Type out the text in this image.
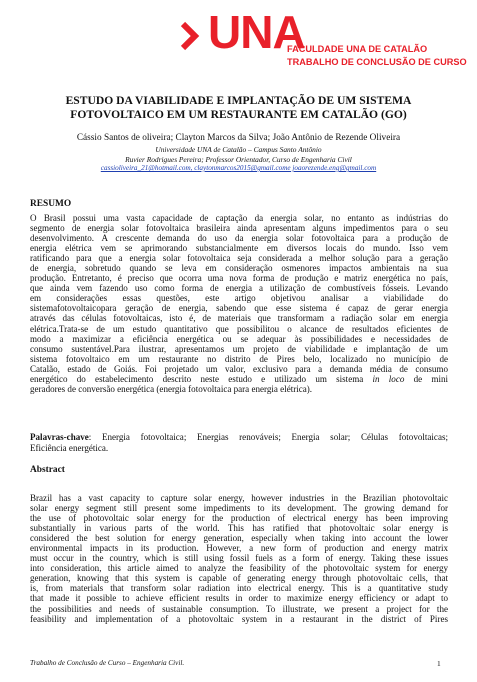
UNA
FACULDADE UNA DE CATALÃO
TRABALHO DE CONCLUSÃO DE CURSO
ESTUDO DA VIABILIDADE E IMPLANTAÇÃO DE UM SISTEMA
FOTOVOLTAICO EM UM RESTAURANTE EM CATALÃO (GO)
Cássio Santos de oliveira; Clayton Marcos da Silva; João Antônio de Rezende Oliveira
Universidade UNA de Catalão – Campus Santo Antônio
Ruvier Rodrigues Pereira; Professor Orientador, Curso de Engenharia Civil
cassioliveira_21@hotmail.com, claytonmarcos2015@gmail.come joaorezende.eng@gmail.com
RESUMO
O Brasil possui uma vasta capacidade de captação da energia solar, no entanto as indústrias do
segmento de energia solar fotovoltaica brasileira ainda apresentam alguns impedimentos para o seu
desenvolvimento. A crescente demanda do uso da energia solar fotovoltaica para a produção de
energia elétrica vem se aprimorando substancialmente em diversos locais do mundo. Isso vem
ratificando para que a energia solar fotovoltaica seja considerada a melhor solução para a geração
de energia, sobretudo quando se leva em consideração osmenores impactos ambientais na sua
produção. Entretanto, é preciso que ocorra uma nova forma de produção e matriz energética no país,
que ainda vem fazendo uso como forma de energia a utilização de combustíveis fósseis. Levando
em considerações essas questões, este artigo objetivou analisar a viabilidade do
sistemafotovoltaicopara geração de energia, sabendo que esse sistema é capaz de gerar energia
através das células fotovoltaicas, isto é, de materiais que transformam a radiação solar em energia
elétrica.Trata-se de um estudo quantitativo que possibilitou o alcance de resultados eficientes de
modo a maximizar a eficiência energética ou se adequar às possibilidades e necessidades de
consumo sustentável.Para ilustrar, apresentamos um projeto de viabilidade e implantação de um
sistema fotovoltaico em um restaurante no distrito de Pires belo, localizado no município de
Catalão, estado de Goiás. Foi projetado um valor, exclusivo para a demanda média de consumo
energético do estabelecimento descrito neste estudo e utilizado um sistema in loco de mini
geradores de conversão energética (energia fotovoltaica para energia elétrica).
Palavras-chave: Energia fotovoltaica; Energias renováveis; Energia solar; Células fotovoltaicas;
Eficiência energética.
Abstract
Brazil has a vast capacity to capture solar energy, however industries in the Brazilian photovoltaic
solar energy segment still present some impediments to its development. The growing demand for
the use of photovoltaic solar energy for the production of electrical energy has been improving
substantially in various parts of the world. This has ratified that photovoltaic solar energy is
considered the best solution for energy generation, especially when taking into account the lower
environmental impacts in its production. However, a new form of production and energy matrix
must occur in the country, which is still using fossil fuels as a form of energy. Taking these issues
into consideration, this article aimed to analyze the feasibility of the photovoltaic system for energy
generation, knowing that this system is capable of generating energy through photovoltaic cells, that
is, from materials that transform solar radiation into electrical energy. This is a quantitative study
that made it possible to achieve efficient results in order to maximize energy efficiency or adapt to
the possibilities and needs of sustainable consumption. To illustrate, we present a project for the
feasibility and implementation of a photovoltaic system in a restaurant in the district of Pires
Trabalho de Conclusão de Curso – Engenharia Civil.	1
